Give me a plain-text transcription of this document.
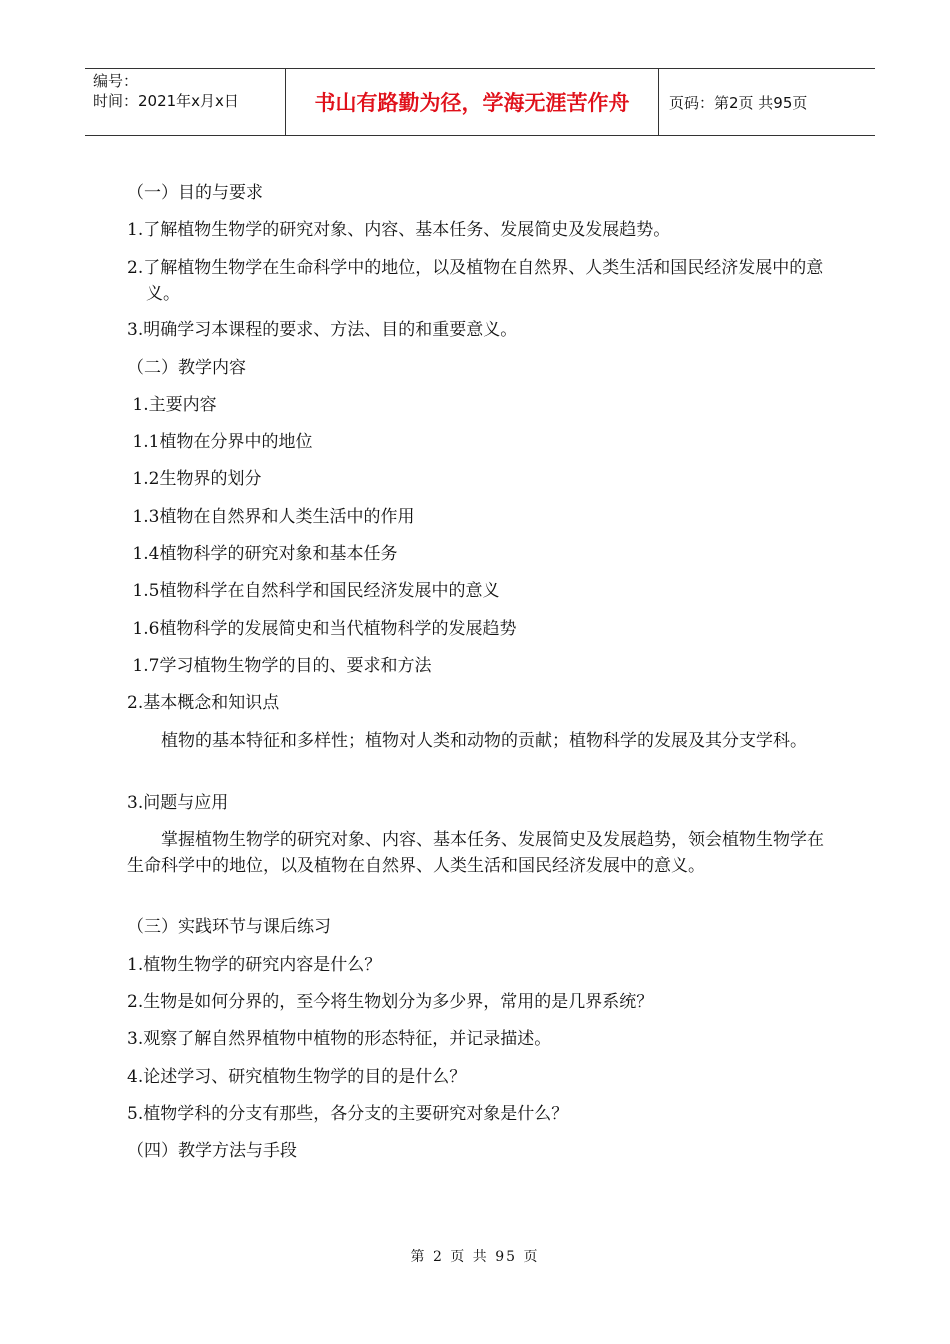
编号：
时间：2021年x月x日	书山有路勤为径，学海无涯苦作舟	页码：第2页 共95页

（一）目的与要求

1.了解植物生物学的研究对象、内容、基本任务、发展简史及发展趋势。

2.了解植物生物学在生命科学中的地位，以及植物在自然界、人类生活和国民经济发展中的意义。

3.明确学习本课程的要求、方法、目的和重要意义。

（二）教学内容

1.主要内容

1.1植物在分界中的地位

1.2生物界的划分

1.3植物在自然界和人类生活中的作用

1.4植物科学的研究对象和基本任务

1.5植物科学在自然科学和国民经济发展中的意义

1.6植物科学的发展简史和当代植物科学的发展趋势

1.7学习植物生物学的目的、要求和方法

2.基本概念和知识点

植物的基本特征和多样性；植物对人类和动物的贡献；植物科学的发展及其分支学科。

3.问题与应用

掌握植物生物学的研究对象、内容、基本任务、发展简史及发展趋势，领会植物生物学在生命科学中的地位，以及植物在自然界、人类生活和国民经济发展中的意义。

（三）实践环节与课后练习

1.植物生物学的研究内容是什么？

2.生物是如何分界的，至今将生物划分为多少界，常用的是几界系统？

3.观察了解自然界植物中植物的形态特征，并记录描述。

4.论述学习、研究植物生物学的目的是什么？

5.植物学科的分支有那些，各分支的主要研究对象是什么？

（四）教学方法与手段

第 2 页 共 95 页
